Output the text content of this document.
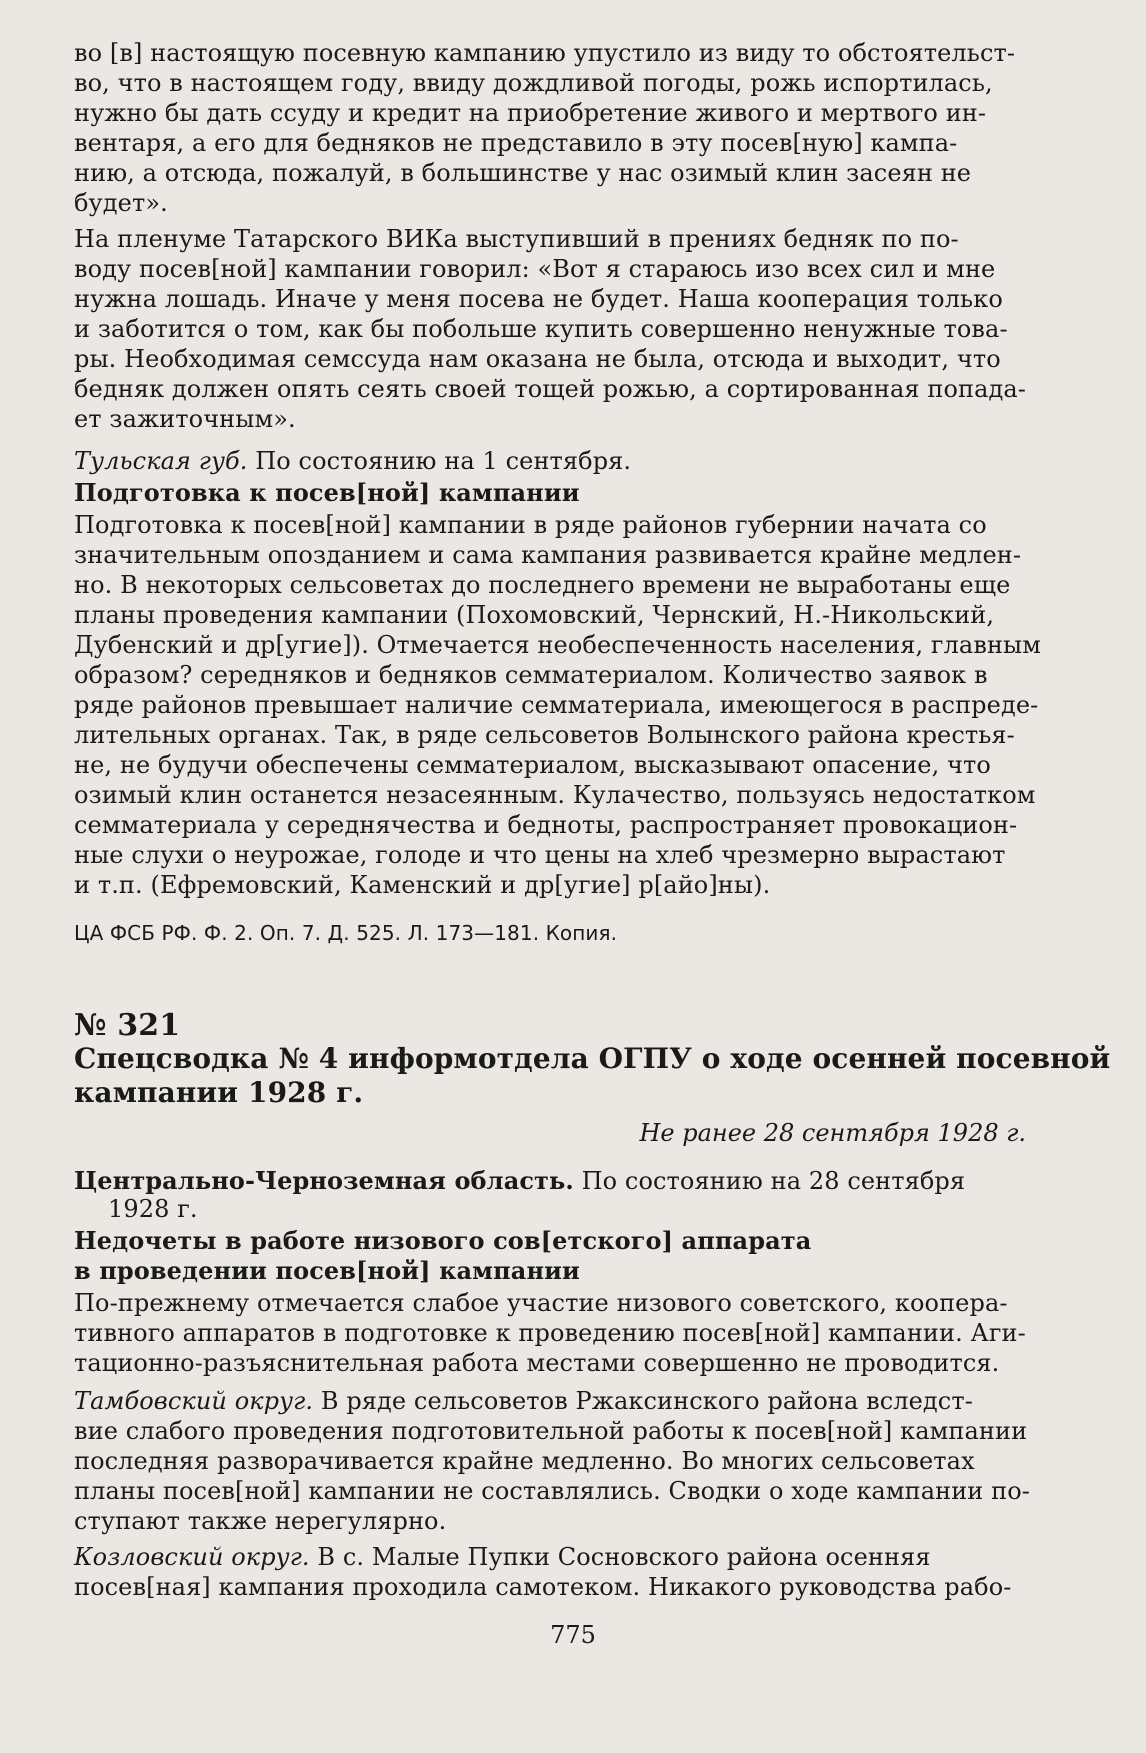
во [в] настоящую посевную кампанию упустило из виду то обстоятельст-
во, что в настоящем году, ввиду дождливой погоды, рожь испортилась,
нужно бы дать ссуду и кредит на приобретение живого и мертвого ин-
вентаря, а его для бедняков не представило в эту посев[ную] кампа-
нию, а отсюда, пожалуй, в большинстве у нас озимый клин засеян не
будет».
На пленуме Татарского ВИКа выступивший в прениях бедняк по по-
воду посев[ной] кампании говорил: «Вот я стараюсь изо всех сил и мне
нужна лошадь. Иначе у меня посева не будет. Наша кооперация только
и заботится о том, как бы побольше купить совершенно ненужные това-
ры. Необходимая семссуда нам оказана не была, отсюда и выходит, что
бедняк должен опять сеять своей тощей рожью, а сортированная попада-
ет зажиточным».
Тульская губ. По состоянию на 1 сентября.
Подготовка к посев[ной] кампании
Подготовка к посев[ной] кампании в ряде районов губернии начата со
значительным опозданием и сама кампания развивается крайне медлен-
но. В некоторых сельсоветах до последнего времени не выработаны еще
планы проведения кампании (Похомовский, Чернский, Н.-Никольский,
Дубенский и др[угие]). Отмечается необеспеченность населения, главным
образом? середняков и бедняков семматериалом. Количество заявок в
ряде районов превышает наличие семматериала, имеющегося в распреде-
лительных органах. Так, в ряде сельсоветов Волынского района крестья-
не, не будучи обеспечены семматериалом, высказывают опасение, что
озимый клин останется незасеянным. Кулачество, пользуясь недостатком
семматериала у середнячества и бедноты, распространяет провокацион-
ные слухи о неурожае, голоде и что цены на хлеб чрезмерно вырастают
и т.п. (Ефремовский, Каменский и др[угие] р[айо]ны).
ЦА ФСБ РФ. Ф. 2. Оп. 7. Д. 525. Л. 173—181. Копия.
№ 321
Спецсводка № 4 информотдела ОГПУ о ходе осенней посевной
кампании 1928 г.
Не ранее 28 сентября 1928 г.
Центрально-Черноземная область. По состоянию на 28 сентября
1928 г.
Недочеты в работе низового сов[етского] аппарата
в проведении посев[ной] кампании
По-прежнему отмечается слабое участие низового советского, коопера-
тивного аппаратов в подготовке к проведению посев[ной] кампании. Аги-
тационно-разъяснительная работа местами совершенно не проводится.
Тамбовский округ. В ряде сельсоветов Ржаксинского района вследст-
вие слабого проведения подготовительной работы к посев[ной] кампании
последняя разворачивается крайне медленно. Во многих сельсоветах
планы посев[ной] кампании не составлялись. Сводки о ходе кампании по-
ступают также нерегулярно.
Козловский округ. В с. Малые Пупки Сосновского района осенняя
посев[ная] кампания проходила самотеком. Никакого руководства рабо-
775
